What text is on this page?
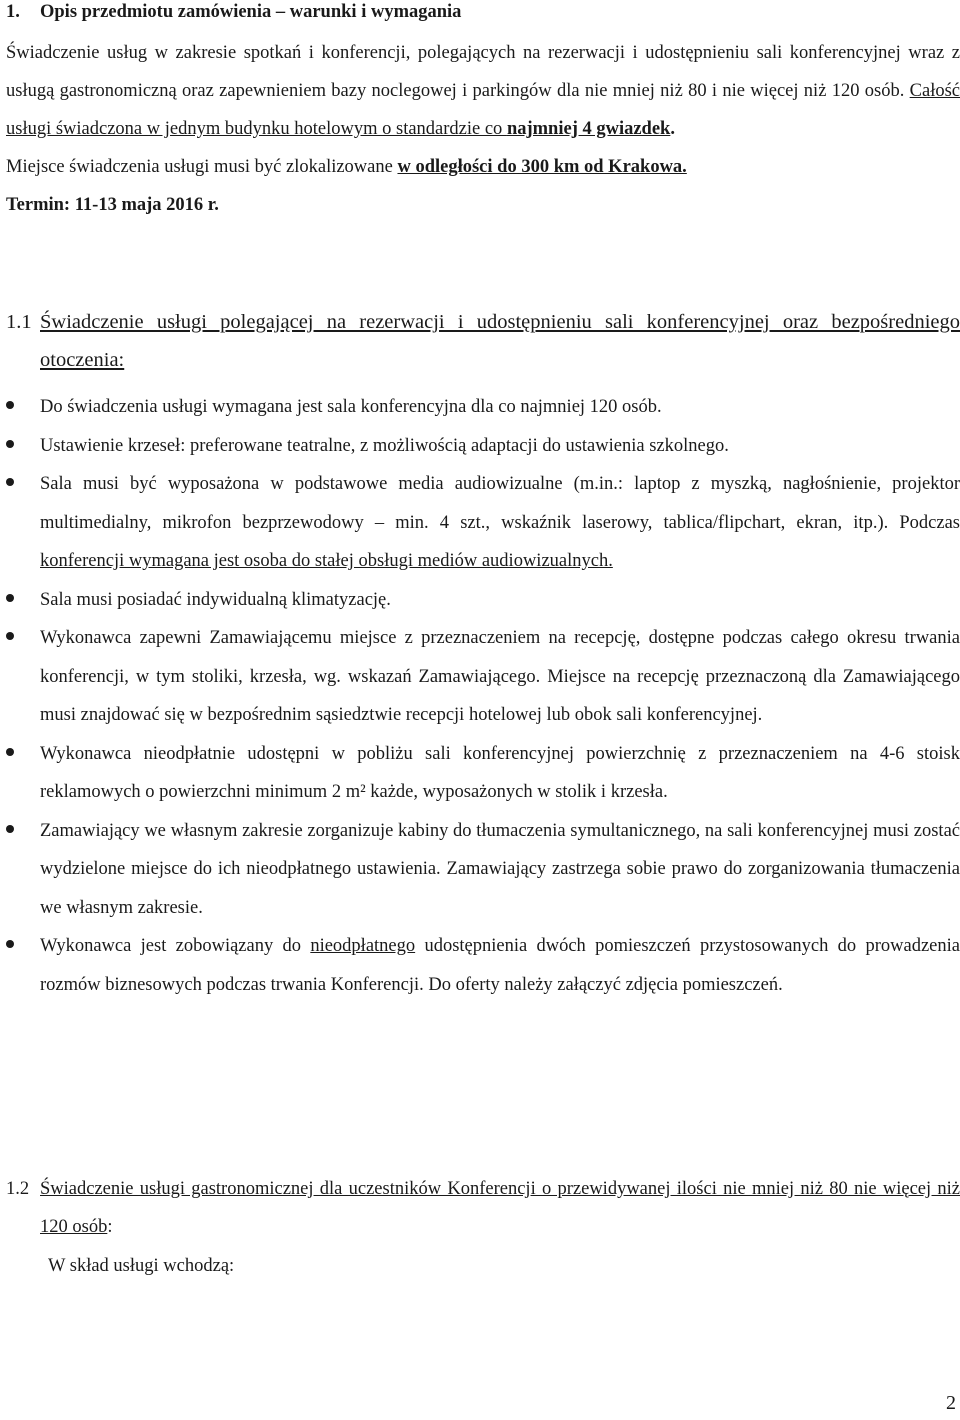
1. Opis przedmiotu zamówienia – warunki i wymagania

Świadczenie usług w zakresie spotkań i konferencji, polegających na rezerwacji i udostępnieniu sali konferencyjnej wraz z usługą gastronomiczną oraz zapewnieniem bazy noclegowej i parkingów dla nie mniej niż 80 i nie więcej niż 120 osób. Całość usługi świadczona w jednym budynku hotelowym o standardzie co najmniej 4 gwiazdek.

Miejsce świadczenia usługi musi być zlokalizowane w odległości do 300 km od Krakowa.

Termin: 11-13 maja 2016 r.

1.1 Świadczenie usługi polegającej na rezerwacji i udostępnieniu sali konferencyjnej oraz bezpośredniego otoczenia:
Do świadczenia usługi wymagana jest sala konferencyjna dla co najmniej 120 osób.
Ustawienie krzeseł: preferowane teatralne, z możliwością adaptacji do ustawienia szkolnego.
Sala musi być wyposażona w podstawowe media audiowizualne (m.in.: laptop z myszką, nagłośnienie, projektor multimedialny, mikrofon bezprzewodowy – min. 4 szt., wskaźnik laserowy, tablica/flipchart, ekran, itp.). Podczas konferencji wymagana jest osoba do stałej obsługi mediów audiowizualnych.
Sala musi posiadać indywidualną klimatyzację.
Wykonawca zapewni Zamawiającemu miejsce z przeznaczeniem na recepcję, dostępne podczas całego okresu trwania konferencji, w tym stoliki, krzesła, wg. wskazań Zamawiającego. Miejsce na recepcję przeznaczoną dla Zamawiającego musi znajdować się w bezpośrednim sąsiedztwie recepcji hotelowej lub obok sali konferencyjnej.
Wykonawca nieodpłatnie udostępni w pobliżu sali konferencyjnej powierzchnię z przeznaczeniem na 4-6 stoisk reklamowych o powierzchni minimum 2 m² każde, wyposażonych w stolik i krzesła.
Zamawiający we własnym zakresie zorganizuje kabiny do tłumaczenia symultanicznego, na sali konferencyjnej musi zostać wydzielone miejsce do ich nieodpłatnego ustawienia. Zamawiający zastrzega sobie prawo do zorganizowania tłumaczenia we własnym zakresie.
Wykonawca jest zobowiązany do nieodpłatnego udostępnienia dwóch pomieszczeń przystosowanych do prowadzenia rozmów biznesowych podczas trwania Konferencji. Do oferty należy załączyć zdjęcia pomieszczeń.
1.2 Świadczenie usługi gastronomicznej dla uczestników Konferencji o przewidywanej ilości nie mniej niż 80 nie więcej niż 120 osób:
W skład usługi wchodzą:
2
